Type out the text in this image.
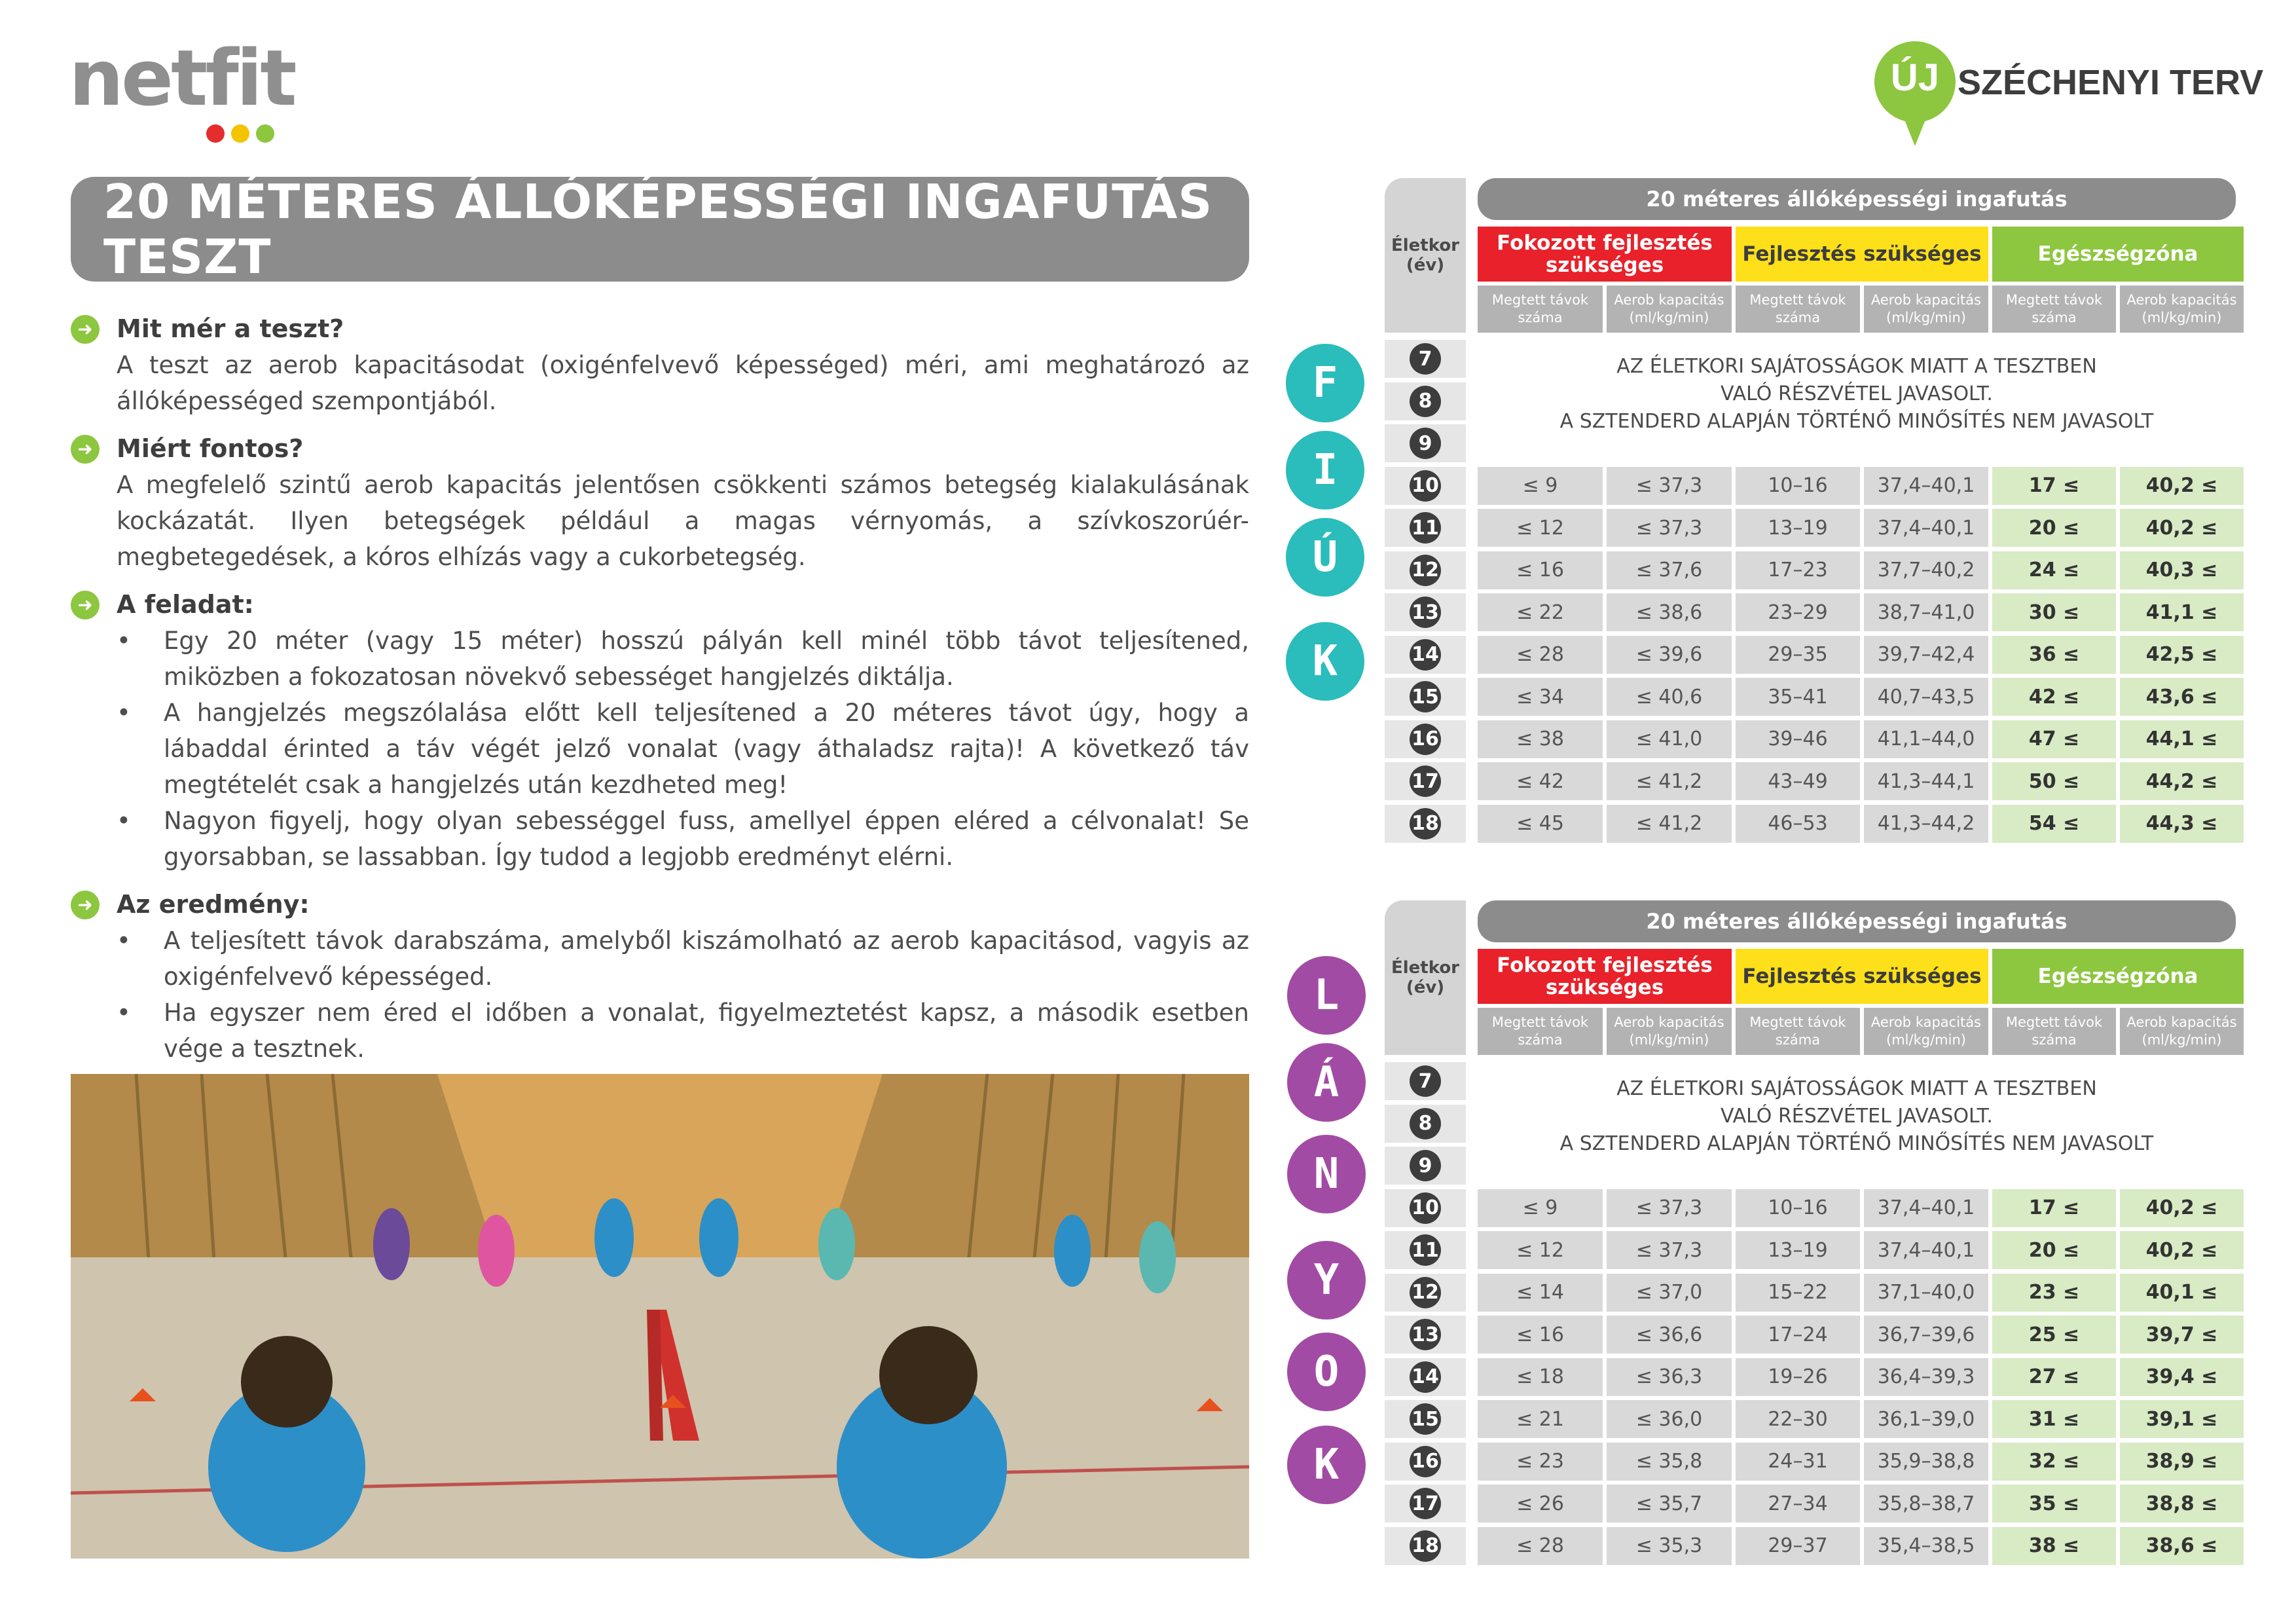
netfit	ÚJ SZÉCHENYI TERV
20 MÉTERES ÁLLÓKÉPESSÉGI INGAFUTÁS TESZT
➜ Mit mér a teszt?
A teszt az aerob kapacitásodat (oxigénfelvevő képességed) méri, ami meghatározó az állóképességed szempontjából.
➜ Miért fontos?
A megfelelő szintű aerob kapacitás jelentősen csökkenti számos betegség kialakulásának kockázatát. Ilyen betegségek például a magas vérnyomás, a szívkoszorúér-megbetegedések, a kóros elhízás vagy a cukorbetegség.
➜ A feladat:
• Egy 20 méter (vagy 15 méter) hosszú pályán kell minél több távot teljesítened, miközben a fokozatosan növekvő sebességet hangjelzés diktálja.
• A hangjelzés megszólalása előtt kell teljesítened a 20 méteres távot úgy, hogy a lábaddal érinted a táv végét jelző vonalat (vagy áthaladsz rajta)! A következő táv megtételét csak a hangjelzés után kezdheted meg!
• Nagyon figyelj, hogy olyan sebességgel fuss, amellyel éppen eléred a célvonalat! Se gyorsabban, se lassabban. Így tudod a legjobb eredményt elérni.
➜ Az eredmény:
• A teljesített távok darabszáma, amelyből kiszámolható az aerob kapacitásod, vagyis az oxigénfelvevő képességed.
• Ha egyszer nem éred el időben a vonalat, figyelmeztetést kapsz, a második esetben vége a tesztnek.
F
I
Ú
K
L
Á
N
Y
O
K
20 méteres állóképességi ingafutás
Életkor (év)
Fokozott fejlesztés szükséges	Fejlesztés szükséges	Egészségzóna
Megtett távok száma
Aerob kapacitás (ml/kg/min)
Megtett távok száma
Aerob kapacitás (ml/kg/min)
Megtett távok száma
Aerob kapacitás (ml/kg/min)
7
8
9
AZ ÉLETKORI SAJÁTOSSÁGOK MIATT A TESZTBEN
VALÓ RÉSZVÉTEL JAVASOLT.
A SZTENDERD ALAPJÁN TÖRTÉNŐ MINŐSÍTÉS NEM JAVASOLT
10	≤ 9	≤ 37,3	10–16	37,4–40,1	17 ≤	40,2 ≤
11	≤ 12	≤ 37,3	13–19	37,4–40,1	20 ≤	40,2 ≤
12	≤ 16	≤ 37,6	17–23	37,7–40,2	24 ≤	40,3 ≤
13	≤ 22	≤ 38,6	23–29	38,7–41,0	30 ≤	41,1 ≤
14	≤ 28	≤ 39,6	29–35	39,7–42,4	36 ≤	42,5 ≤
15	≤ 34	≤ 40,6	35–41	40,7–43,5	42 ≤	43,6 ≤
16	≤ 38	≤ 41,0	39–46	41,1–44,0	47 ≤	44,1 ≤
17	≤ 42	≤ 41,2	43–49	41,3–44,1	50 ≤	44,2 ≤
18	≤ 45	≤ 41,2	46–53	41,3–44,2	54 ≤	44,3 ≤
20 méteres állóképességi ingafutás
Életkor (év)
Fokozott fejlesztés szükséges	Fejlesztés szükséges	Egészségzóna
Megtett távok száma
Aerob kapacitás (ml/kg/min)
Megtett távok száma
Aerob kapacitás (ml/kg/min)
Megtett távok száma
Aerob kapacitás (ml/kg/min)
7
8
9
AZ ÉLETKORI SAJÁTOSSÁGOK MIATT A TESZTBEN
VALÓ RÉSZVÉTEL JAVASOLT.
A SZTENDERD ALAPJÁN TÖRTÉNŐ MINŐSÍTÉS NEM JAVASOLT
10	≤ 9	≤ 37,3	10–16	37,4–40,1	17 ≤	40,2 ≤
11	≤ 12	≤ 37,3	13–19	37,4–40,1	20 ≤	40,2 ≤
12	≤ 14	≤ 37,0	15–22	37,1–40,0	23 ≤	40,1 ≤
13	≤ 16	≤ 36,6	17–24	36,7–39,6	25 ≤	39,7 ≤
14	≤ 18	≤ 36,3	19–26	36,4–39,3	27 ≤	39,4 ≤
15	≤ 21	≤ 36,0	22–30	36,1–39,0	31 ≤	39,1 ≤
16	≤ 23	≤ 35,8	24–31	35,9–38,8	32 ≤	38,9 ≤
17	≤ 26	≤ 35,7	27–34	35,8–38,7	35 ≤	38,8 ≤
18	≤ 28	≤ 35,3	29–37	35,4–38,5	38 ≤	38,6 ≤
